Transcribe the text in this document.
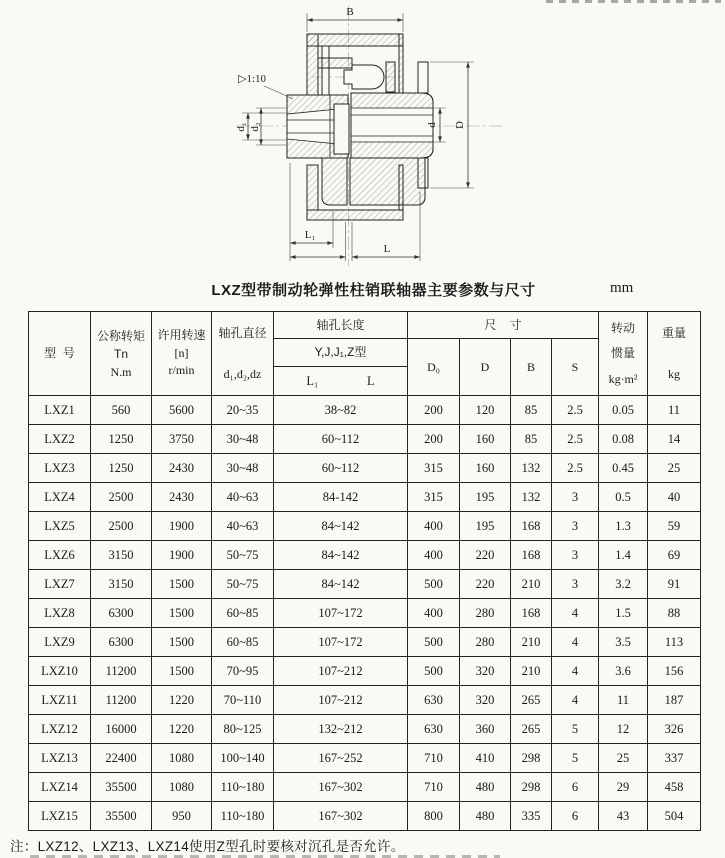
B
▷1:10
d₁ d₂	d D
L₁
L
LXZ型带制动轮弹性柱销联轴器主要参数与尺寸	mm
型  号	公称转矩Tn
N.m	许用转速
[n]
r/min	轴孔直径
d₁,d₂,dz	轴孔长度	尺    寸				转动
惯量
kg·m²	重量
kg

				Y,J,J₁,Z型	D₀	D	B	S		

				L₁ L						

LXZ1	560	5600	20~35	38~82	200	120	85	2.5	0.05	11
LXZ2	1250	3750	30~48	60~112	200	160	85	2.5	0.08	14
LXZ3	1250	2430	30~48	60~112	315	160	132	2.5	0.45	25
LXZ4	2500	2430	40~63	84-142	315	195	132	3	0.5	40
LXZ5	2500	1900	40~63	84~142	400	195	168	3	1.3	59
LXZ6	3150	1900	50~75	84~142	400	220	168	3	1.4	69
LXZ7	3150	1500	50~75	84~142	500	220	210	3	3.2	91
LXZ8	6300	1500	60~85	107~172	400	280	168	4	1.5	88
LXZ9	6300	1500	60~85	107~172	500	280	210	4	3.5	113
LXZ10	11200	1500	70~95	107~212	500	320	210	4	3.6	156
LXZ11	11200	1220	70~110	107~212	630	320	265	4	11	187
LXZ12	16000	1220	80~125	132~212	630	360	265	5	12	326
LXZ13	22400	1080	100~140	167~252	710	410	298	5	25	337
LXZ14	35500	1080	110~180	167~302	710	480	298	6	29	458
LXZ15	35500	950	110~180	167~302	800	480	335	6	43	504
注：LXZ12、LXZ13、LXZ14使用Z型孔时要核对沉孔是否允许。
